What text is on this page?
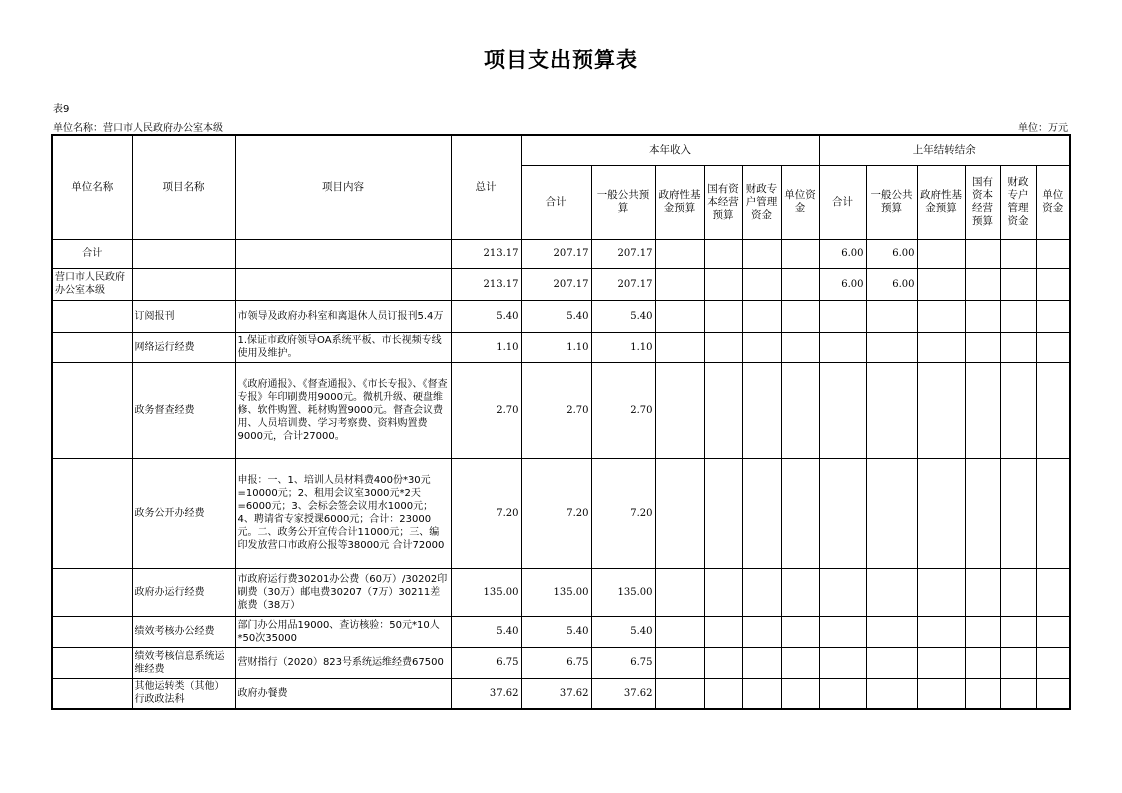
项目支出预算表
表9
单位名称：营口市人民政府办公室本级	单位：万元
单位名称	项目名称	项目内容	总计	本年收入						上年结转结余					
				合计	一般公共预算	政府性基金预算	国有资本经营预算	财政专户管理资金	单位资金	合计	一般公共预算	政府性基金预算	国有资本经营预算	财政专户管理资金	单位资金
合计			213.17	207.17	207.17					6.00	6.00				
营口市人民政府办公室本级			213.17	207.17	207.17					6.00	6.00				
	订阅报刊	市领导及政府办科室和离退休人员订报刊5.4万	5.40	5.40	5.40										
	网络运行经费	1.保证市政府领导OA系统平板、市长视频专线使用及维护。	1.10	1.10	1.10										
	政务督查经费	《政府通报》、《督查通报》、《市长专报》、《督查专报》年印刷费用9000元。微机升级、硬盘维修、软件购置、耗材购置9000元。督查会议费用、人员培训费、学习考察费、资料购置费9000元，合计27000。	2.70	2.70	2.70										
	政务公开办经费	申报：一、1、培训人员材料费400份*30元=10000元；2、租用会议室3000元*2天=6000元；3、会标会签会议用水1000元；4、聘请省专家授课6000元；合计：23000元。二、政务公开宣传合计11000元；三、编印发放营口市政府公报等38000元 合计72000	7.20	7.20	7.20										
	政府办运行经费	市政府运行费30201办公费（60万）/30202印刷费（30万）邮电费30207（7万）30211差旅费（38万）	135.00	135.00	135.00										
	绩效考核办公经费	部门办公用品19000、查访核验：50元*10人*50次35000	5.40	5.40	5.40										
	绩效考核信息系统运维经费	营财指行（2020）823号系统运维经费67500	6.75	6.75	6.75										
	其他运转类（其他）行政政法科	政府办餐费	37.62	37.62	37.62										
